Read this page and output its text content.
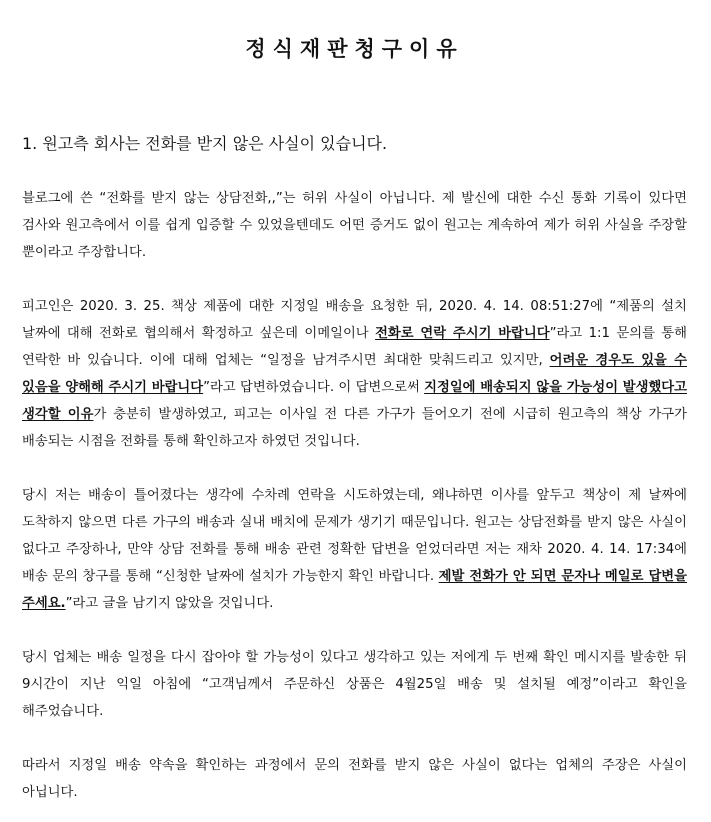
정식재판청구이유
1. 원고측 회사는 전화를 받지 않은 사실이 있습니다.

블로그에 쓴 “전화를 받지 않는 상담전화,,”는 허위 사실이 아닙니다. 제 발신에 대한 수신 통화 기록이 있다면 검사와 원고측에서 이를 쉽게 입증할 수 있었을텐데도 어떤 증거도 없이 원고는 계속하여 제가 허위 사실을 주장할 뿐이라고 주장합니다.

피고인은 2020. 3. 25. 책상 제품에 대한 지정일 배송을 요청한 뒤, 2020. 4. 14. 08:51:27에 “제품의 설치 날짜에 대해 전화로 협의해서 확정하고 싶은데 이메일이나 전화로 연락 주시기 바랍니다”라고 1:1 문의를 통해 연락한 바 있습니다. 이에 대해 업체는 “일정을 남겨주시면 최대한 맞춰드리고 있지만, 어려운 경우도 있을 수 있음을 양해해 주시기 바랍니다”라고 답변하였습니다. 이 답변으로써 지정일에 배송되지 않을 가능성이 발생했다고 생각할 이유가 충분히 발생하였고, 피고는 이사일 전 다른 가구가 들어오기 전에 시급히 원고측의 책상 가구가 배송되는 시점을 전화를 통해 확인하고자 하였던 것입니다.

당시 저는 배송이 틀어졌다는 생각에 수차례 연락을 시도하였는데, 왜냐하면 이사를 앞두고 책상이 제 날짜에 도착하지 않으면 다른 가구의 배송과 실내 배치에 문제가 생기기 때문입니다. 원고는 상담전화를 받지 않은 사실이 없다고 주장하나, 만약 상담 전화를 통해 배송 관련 정확한 답변을 얻었더라면 저는 재차 2020. 4. 14. 17:34에 배송 문의 창구를 통해 “신청한 날짜에 설치가 가능한지 확인 바랍니다. 제발 전화가 안 되면 문자나 메일로 답변을 주세요.”라고 글을 남기지 않았을 것입니다.

당시 업체는 배송 일정을 다시 잡아야 할 가능성이 있다고 생각하고 있는 저에게 두 번째 확인 메시지를 발송한 뒤 9시간이 지난 익일 아침에 “고객님께서 주문하신 상품은 4월25일 배송 및 설치될 예정”이라고 확인을 해주었습니다.

따라서 지정일 배송 약속을 확인하는 과정에서 문의 전화를 받지 않은 사실이 없다는 업체의 주장은 사실이 아닙니다.
